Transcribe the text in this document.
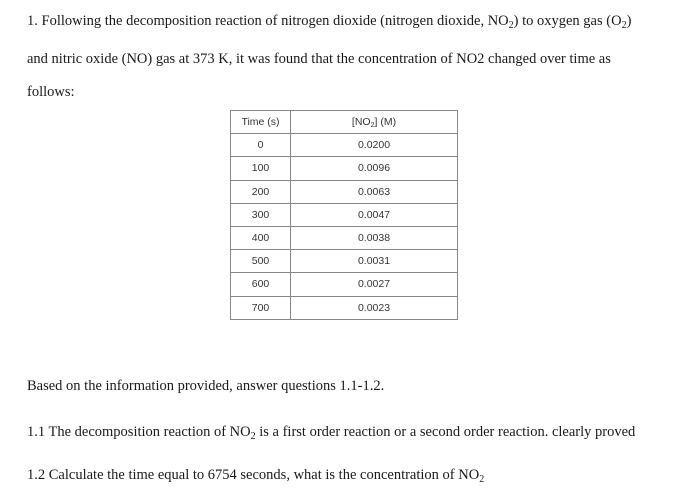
1. Following the decomposition reaction of nitrogen dioxide (nitrogen dioxide, $NO_2$) to oxygen gas $(O_2)$
and nitric oxide (NO) gas at 373 K, it was found that the concentration of NO2 changed over time as
follows:
Time (s)	$[NO_2]$ (M)
0	0.0200
100	0.0096
200	0.0063
300	0.0047
400	0.0038
500	0.0031
600	0.0027
700	0.0023
Based on the information provided, answer questions 1.1-1.2.
1.1 The decomposition reaction of $NO_2$ is a first order reaction or a second order reaction. clearly proved
1.2 Calculate the time equal to 6754 seconds, what is the concentration of $NO_2$
